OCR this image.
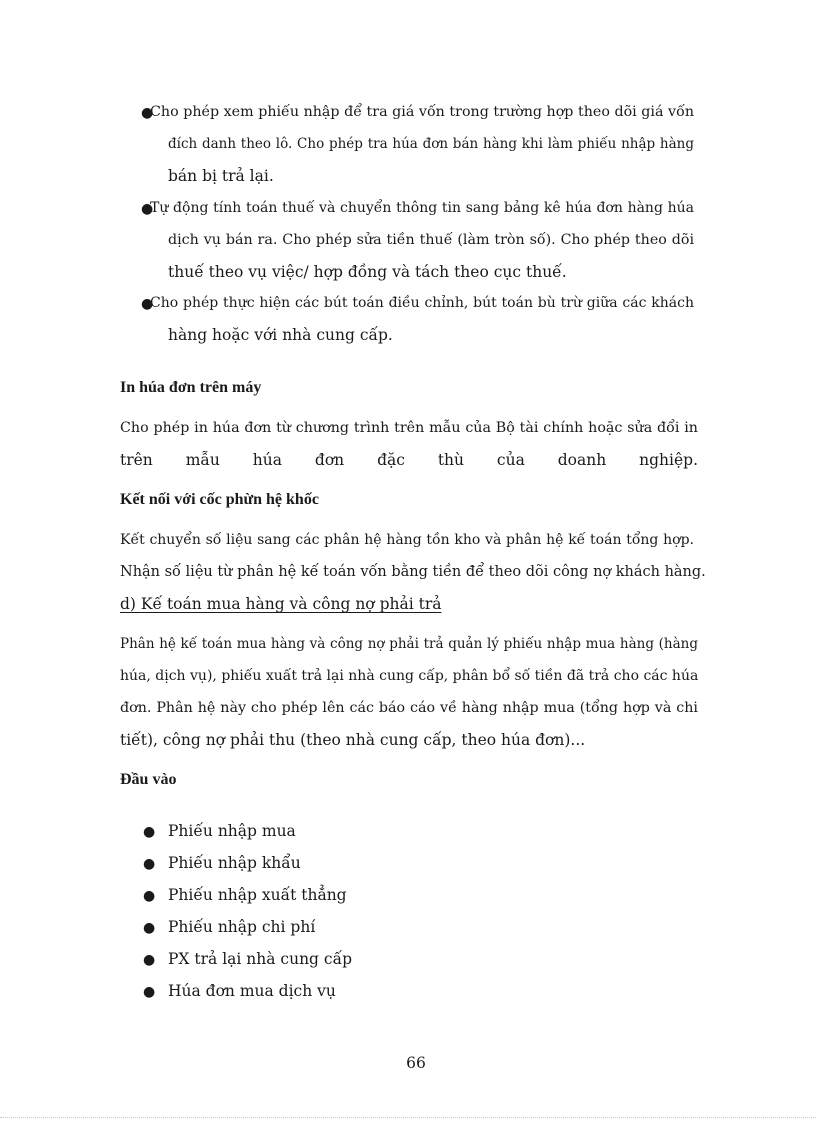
●
Cho phép xem phiếu nhập để tra giá vốn trong trường hợp theo dõi giá vốn
đích danh theo lô. Cho phép tra húa đơn bán hàng khi làm phiếu nhập hàng
bán bị trả lại.
●
Tự động tính toán thuế và chuyển thông tin sang bảng kê húa đơn hàng húa
dịch vụ bán ra. Cho phép sửa tiền thuế (làm tròn số). Cho phép theo dõi
thuế theo vụ việc/ hợp đồng và tách theo cục thuế.
●
Cho phép thực hiện các bút toán điều chỉnh, bút toán bù trừ giữa các khách
hàng hoặc với nhà cung cấp.
In húa đơn trên máy
Cho phép in húa đơn từ chương trình trên mẫu của Bộ tài chính hoặc sửa đổi in
trên mẫu húa đơn đặc thù của doanh nghiệp.
Kết nối với cốc phừn hệ khốc
Kết chuyển số liệu sang các phân hệ hàng tồn kho và phân hệ kế toán tổng hợp.
Nhận số liệu từ phân hệ kế toán vốn bằng tiền để theo dõi công nợ khách hàng.
d) Kế toán mua hàng và công nợ phải trả
Phân hệ kế toán mua hàng và công nợ phải trả quản lý phiếu nhập mua hàng (hàng
húa, dịch vụ), phiếu xuất trả lại nhà cung cấp, phân bổ số tiền đã trả cho các húa
đơn. Phân hệ này cho phép lên các báo cáo về hàng nhập mua (tổng hợp và chi
tiết), công nợ phải thu (theo nhà cung cấp, theo húa đơn)...
Đầu vào
● Phiếu nhập mua
● Phiếu nhập khẩu
● Phiếu nhập xuất thẳng
● Phiếu nhập chi phí
● PX trả lại nhà cung cấp
● Húa đơn mua dịch vụ
66
